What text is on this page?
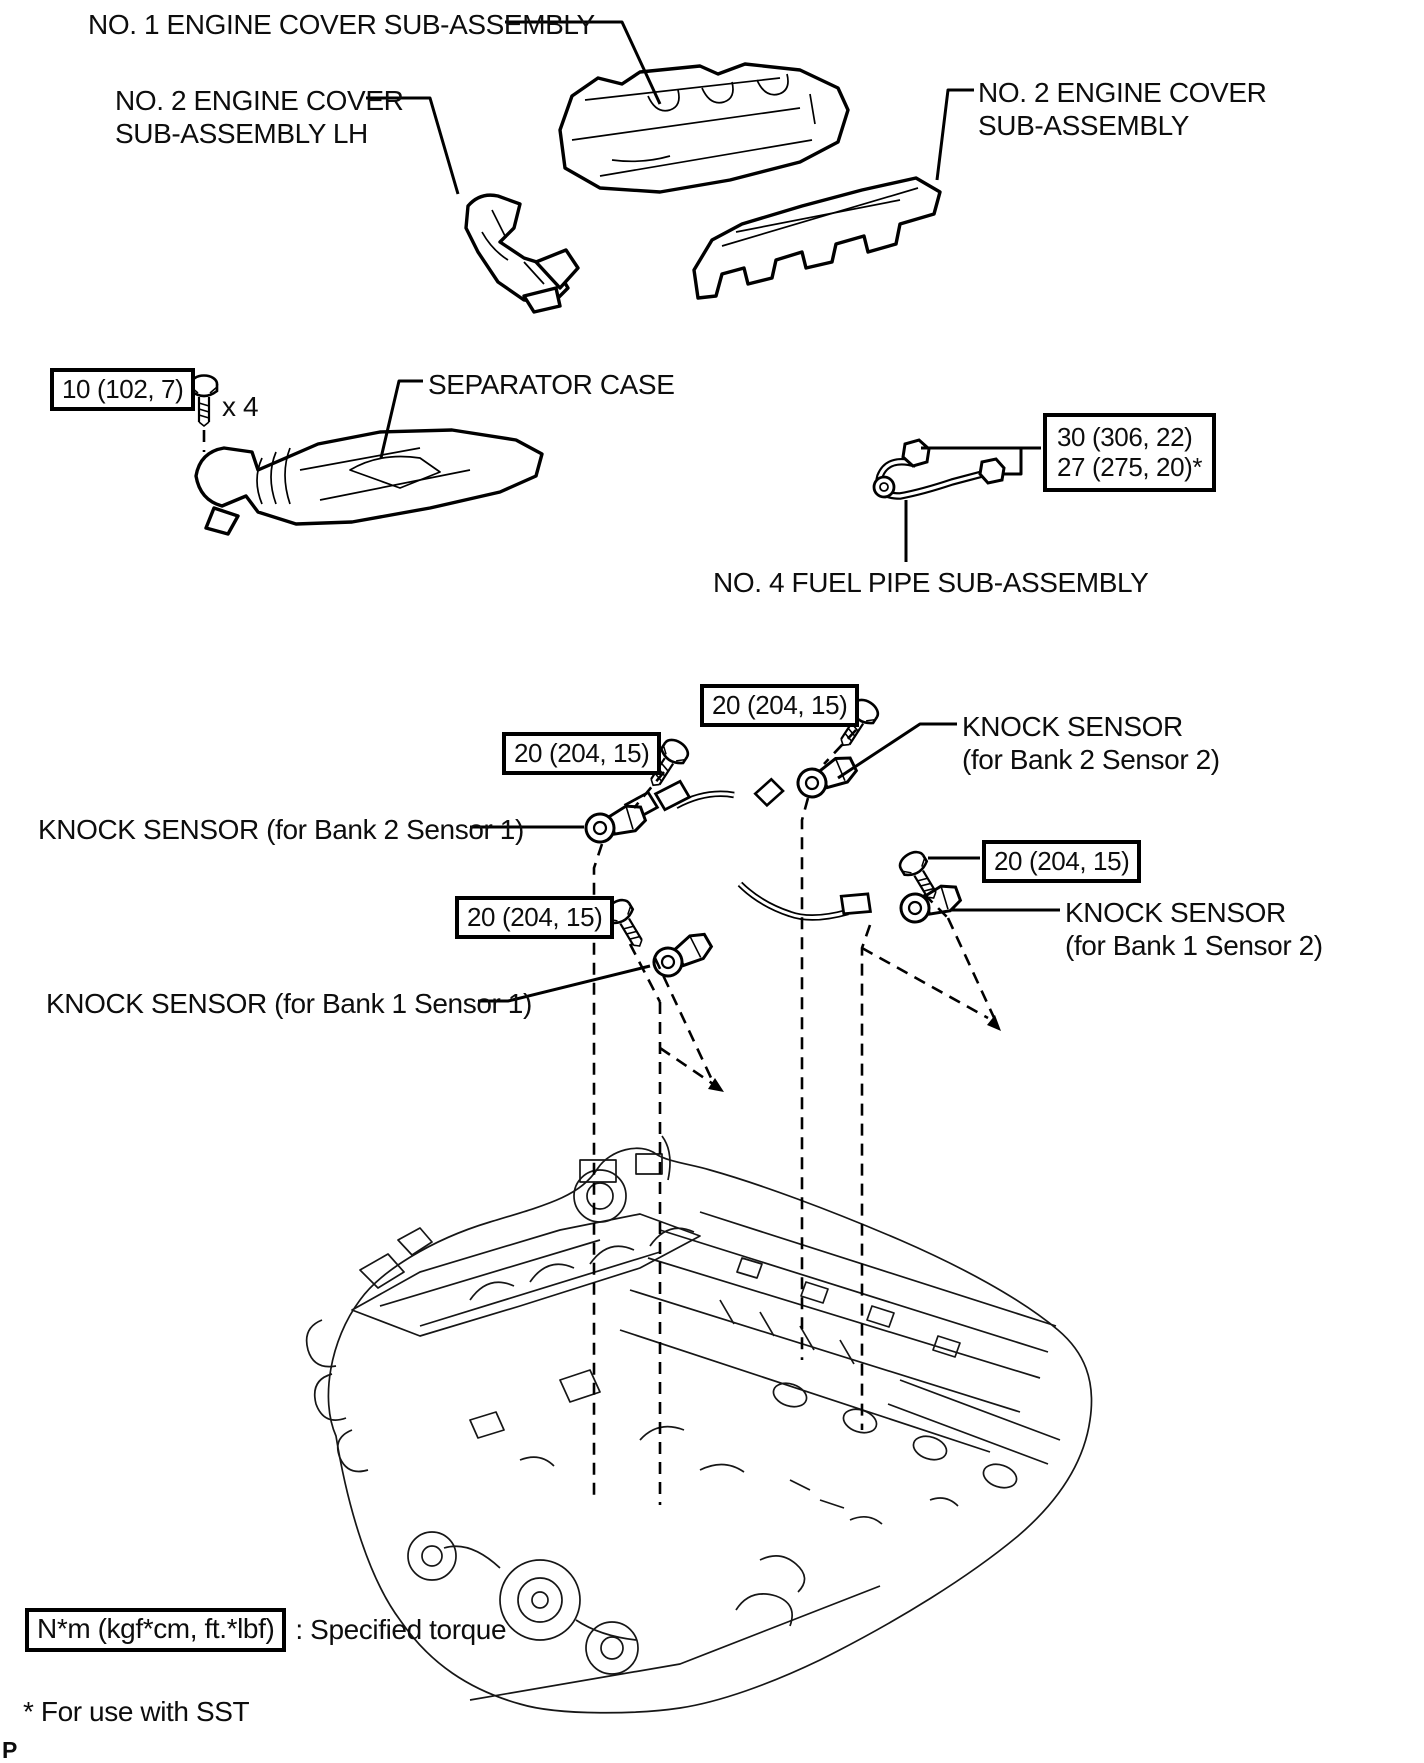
NO. 1 ENGINE COVER SUB-ASSEMBLY
NO. 2 ENGINE COVER
SUB-ASSEMBLY LH
NO. 2 ENGINE COVER
SUB-ASSEMBLY
SEPARATOR CASE
x 4
NO. 4 FUEL PIPE SUB-ASSEMBLY
KNOCK SENSOR
(for Bank 2 Sensor 2)
KNOCK SENSOR (for Bank 2 Sensor 1)
KNOCK SENSOR
(for Bank 1 Sensor 2)
KNOCK SENSOR (for Bank 1 Sensor 1)
10 (102, 7)
30 (306, 22)
27 (275, 20)*
20 (204, 15)
20 (204, 15)
20 (204, 15)
20 (204, 15)
N*m (kgf*cm, ft.*lbf) : Specified torque
* For use with SST
P
